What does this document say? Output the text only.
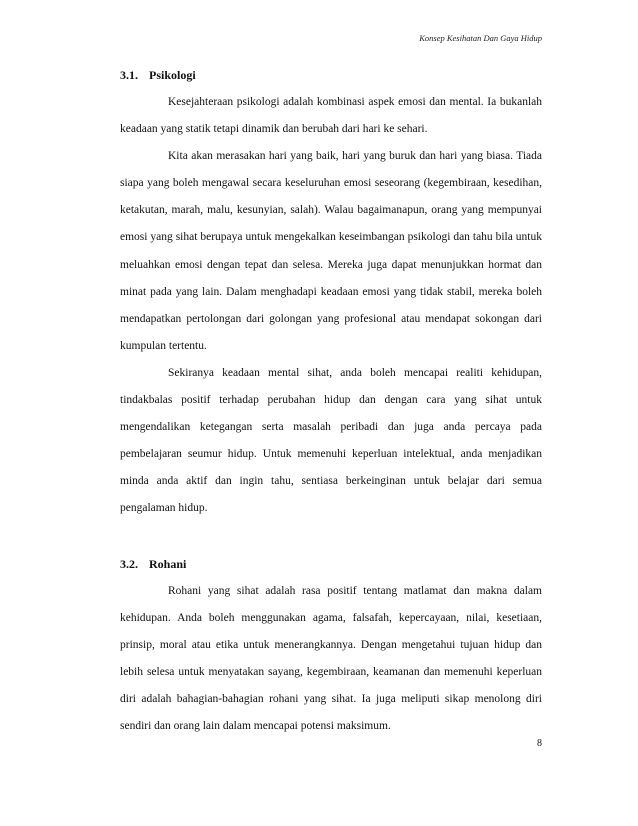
Konsep Kesihatan Dan Gaya Hidup
3.1. Psikologi

Kesejahteraan psikologi adalah kombinasi aspek emosi dan mental. Ia bukanlah keadaan yang statik tetapi dinamik dan berubah dari hari ke sehari.

Kita akan merasakan hari yang baik, hari yang buruk dan hari yang biasa. Tiada siapa yang boleh mengawal secara keseluruhan emosi seseorang (kegembiraan, kesedihan, ketakutan, marah, malu, kesunyian, salah). Walau bagaimanapun, orang yang mempunyai emosi yang sihat berupaya untuk mengekalkan keseimbangan psikologi dan tahu bila untuk meluahkan emosi dengan tepat dan selesa. Mereka juga dapat menunjukkan hormat dan minat pada yang lain. Dalam menghadapi keadaan emosi yang tidak stabil, mereka boleh mendapatkan pertolongan dari golongan yang profesional atau mendapat sokongan dari kumpulan tertentu.

Sekiranya keadaan mental sihat, anda boleh mencapai realiti kehidupan, tindakbalas positif terhadap perubahan hidup dan dengan cara yang sihat untuk mengendalikan ketegangan serta masalah peribadi dan juga anda percaya pada pembelajaran seumur hidup. Untuk memenuhi keperluan intelektual, anda menjadikan minda anda aktif dan ingin tahu, sentiasa berkeinginan untuk belajar dari semua pengalaman hidup.

3.2. Rohani

Rohani yang sihat adalah rasa positif tentang matlamat dan makna dalam kehidupan. Anda boleh menggunakan agama, falsafah, kepercayaan, nilai, kesetiaan, prinsip, moral atau etika untuk menerangkannya. Dengan mengetahui tujuan hidup dan lebih selesa untuk menyatakan sayang, kegembiraan, keamanan dan memenuhi keperluan diri adalah bahagian-bahagian rohani yang sihat. Ia juga meliputi sikap menolong diri sendiri dan orang lain dalam mencapai potensi maksimum.

8
